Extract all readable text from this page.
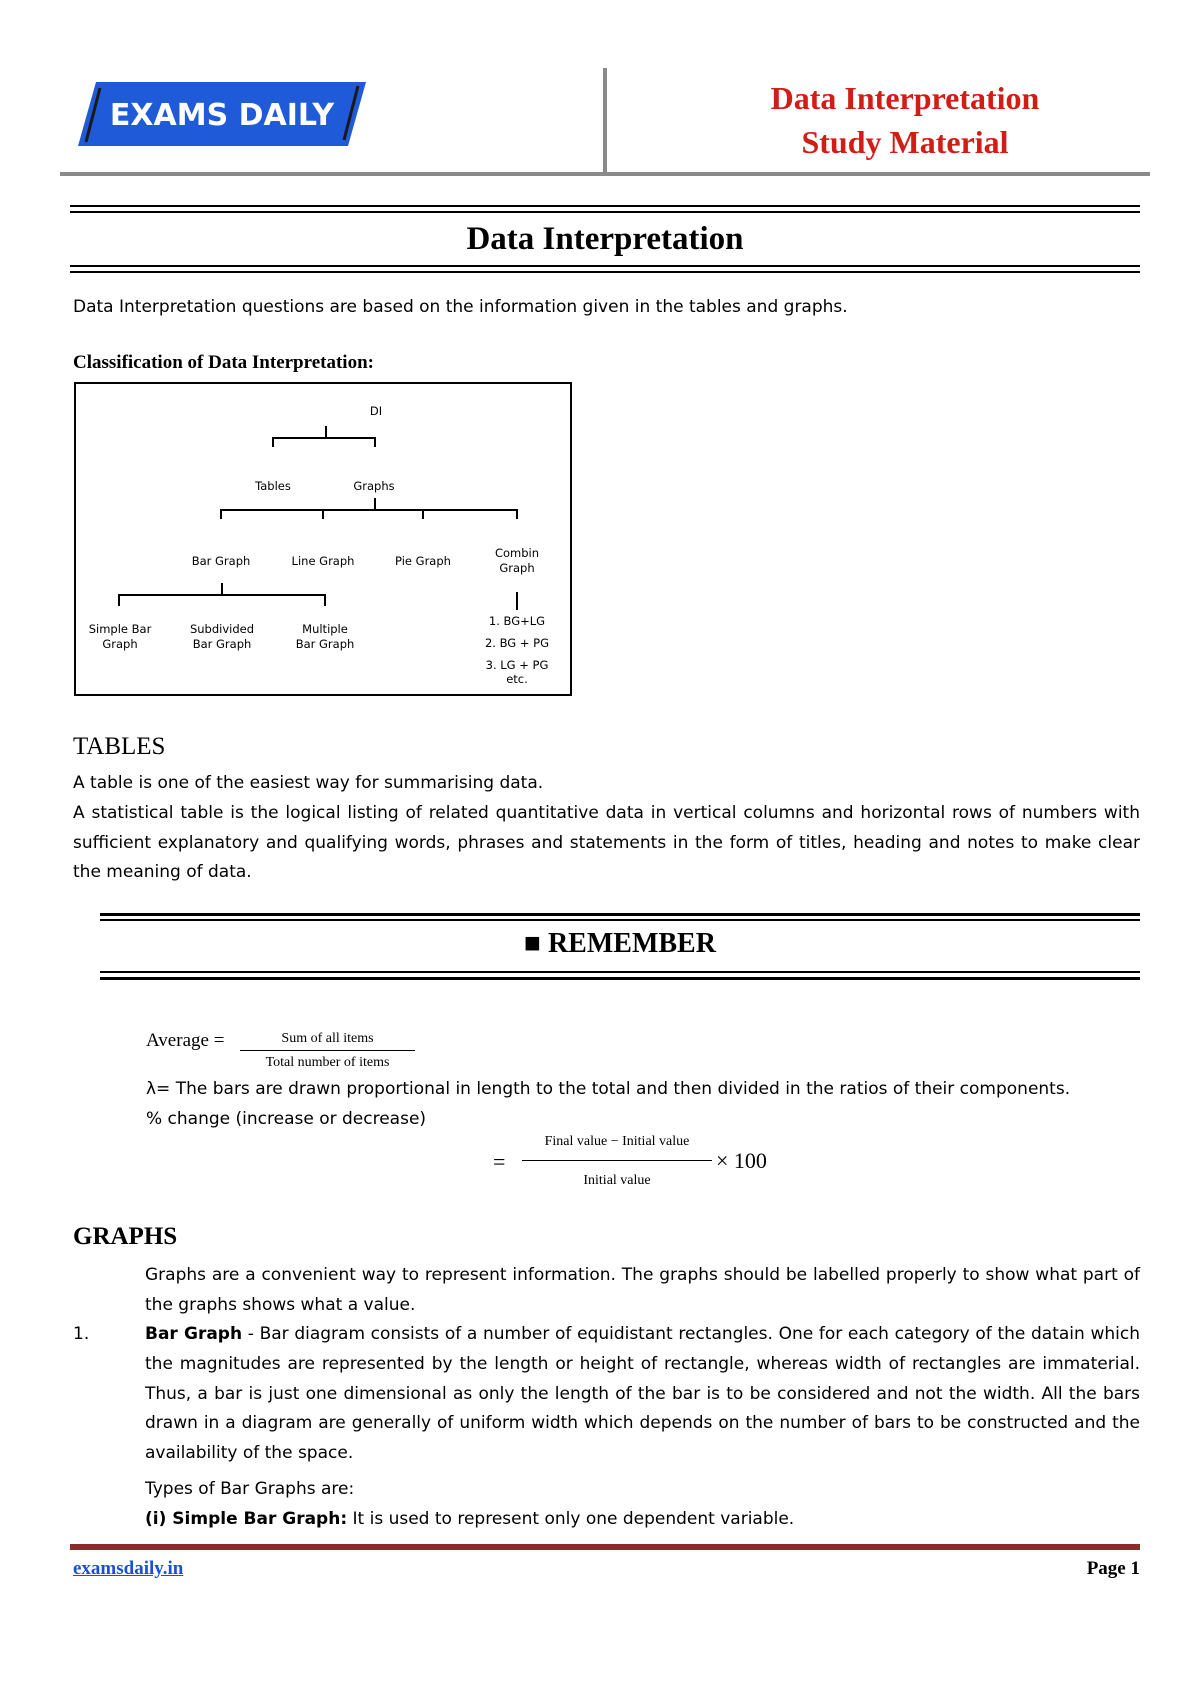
EXAMS DAILY	Data Interpretation
Study Material
Data Interpretation
Data Interpretation questions are based on the information given in the tables and graphs.
Classification of Data Interpretation:
DI
Tables	Graphs
Bar Graph	Line Graph	Pie Graph
Combin
Graph
Simple Bar
Graph
Subdivided
Bar Graph
Multiple
Bar Graph
1. BG+LG
2. BG + PG
3. LG + PG
etc.
TABLES
A table is one of the easiest way for summarising data.
A statistical table is the logical listing of related quantitative data in vertical columns and horizontal rows of numbers with sufficient explanatory and qualifying words, phrases and statements in the form of titles, heading and notes to make clear the meaning of data.
■ REMEMBER
Average =	Sum of all items
Total number of items
λ= The bars are drawn proportional in length to the total and then divided in the ratios of their components.
% change (increase or decrease)
=
Final value − Initial value
Initial value
× 100
GRAPHS
Graphs are a convenient way to represent information. The graphs should be labelled properly to show what part of the graphs shows what a value.
1.	Bar Graph - Bar diagram consists of a number of equidistant rectangles. One for each category of the datain which the magnitudes are represented by the length or height of rectangle, whereas width of rectangles are immaterial. Thus, a bar is just one dimensional as only the length of the bar is to be considered and not the width. All the bars drawn in a diagram are generally of uniform width which depends on the number of bars to be constructed and the availability of the space.
Types of Bar Graphs are:
(i) Simple Bar Graph: It is used to represent only one dependent variable.
examsdaily.in	Page 1
